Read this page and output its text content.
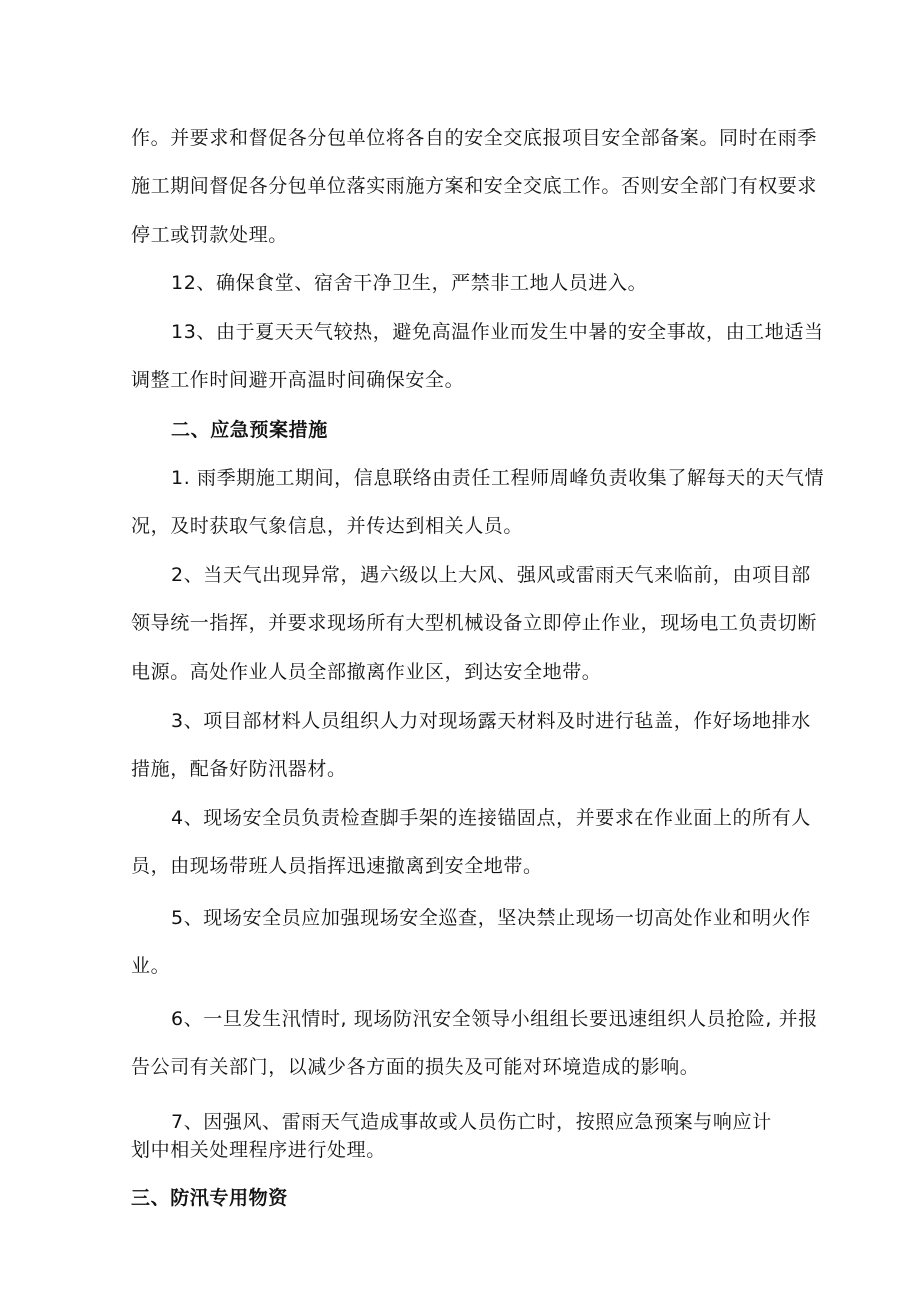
作。并要求和督促各分包单位将各自的安全交底报项目安全部备案。同时在雨季
施工期间督促各分包单位落实雨施方案和安全交底工作。否则安全部门有权要求
停工或罚款处理。
12、确保食堂、宿舍干净卫生，严禁非工地人员进入。
13、由于夏天天气较热，避免高温作业而发生中暑的安全事故，由工地适当
调整工作时间避开高温时间确保安全。
二、应急预案措施
1. 雨季期施工期间，信息联络由责任工程师周峰负责收集了解每天的天气情
况，及时获取气象信息，并传达到相关人员。
2、当天气出现异常，遇六级以上大风、强风或雷雨天气来临前，由项目部
领导统一指挥，并要求现场所有大型机械设备立即停止作业，现场电工负责切断
电源。高处作业人员全部撤离作业区，到达安全地带。
3、项目部材料人员组织人力对现场露天材料及时进行毡盖，作好场地排水
措施，配备好防汛器材。
4、现场安全员负责检查脚手架的连接锚固点，并要求在作业面上的所有人
员，由现场带班人员指挥迅速撤离到安全地带。
5、现场安全员应加强现场安全巡查，坚决禁止现场一切高处作业和明火作
业。
6、一旦发生汛情时, 现场防汛安全领导小组组长要迅速组织人员抢险, 并报
告公司有关部门，以减少各方面的损失及可能对环境造成的影响。
7、因强风、雷雨天气造成事故或人员伤亡时，按照应急预案与响应计
划中相关处理程序进行处理。
三、防汛专用物资
